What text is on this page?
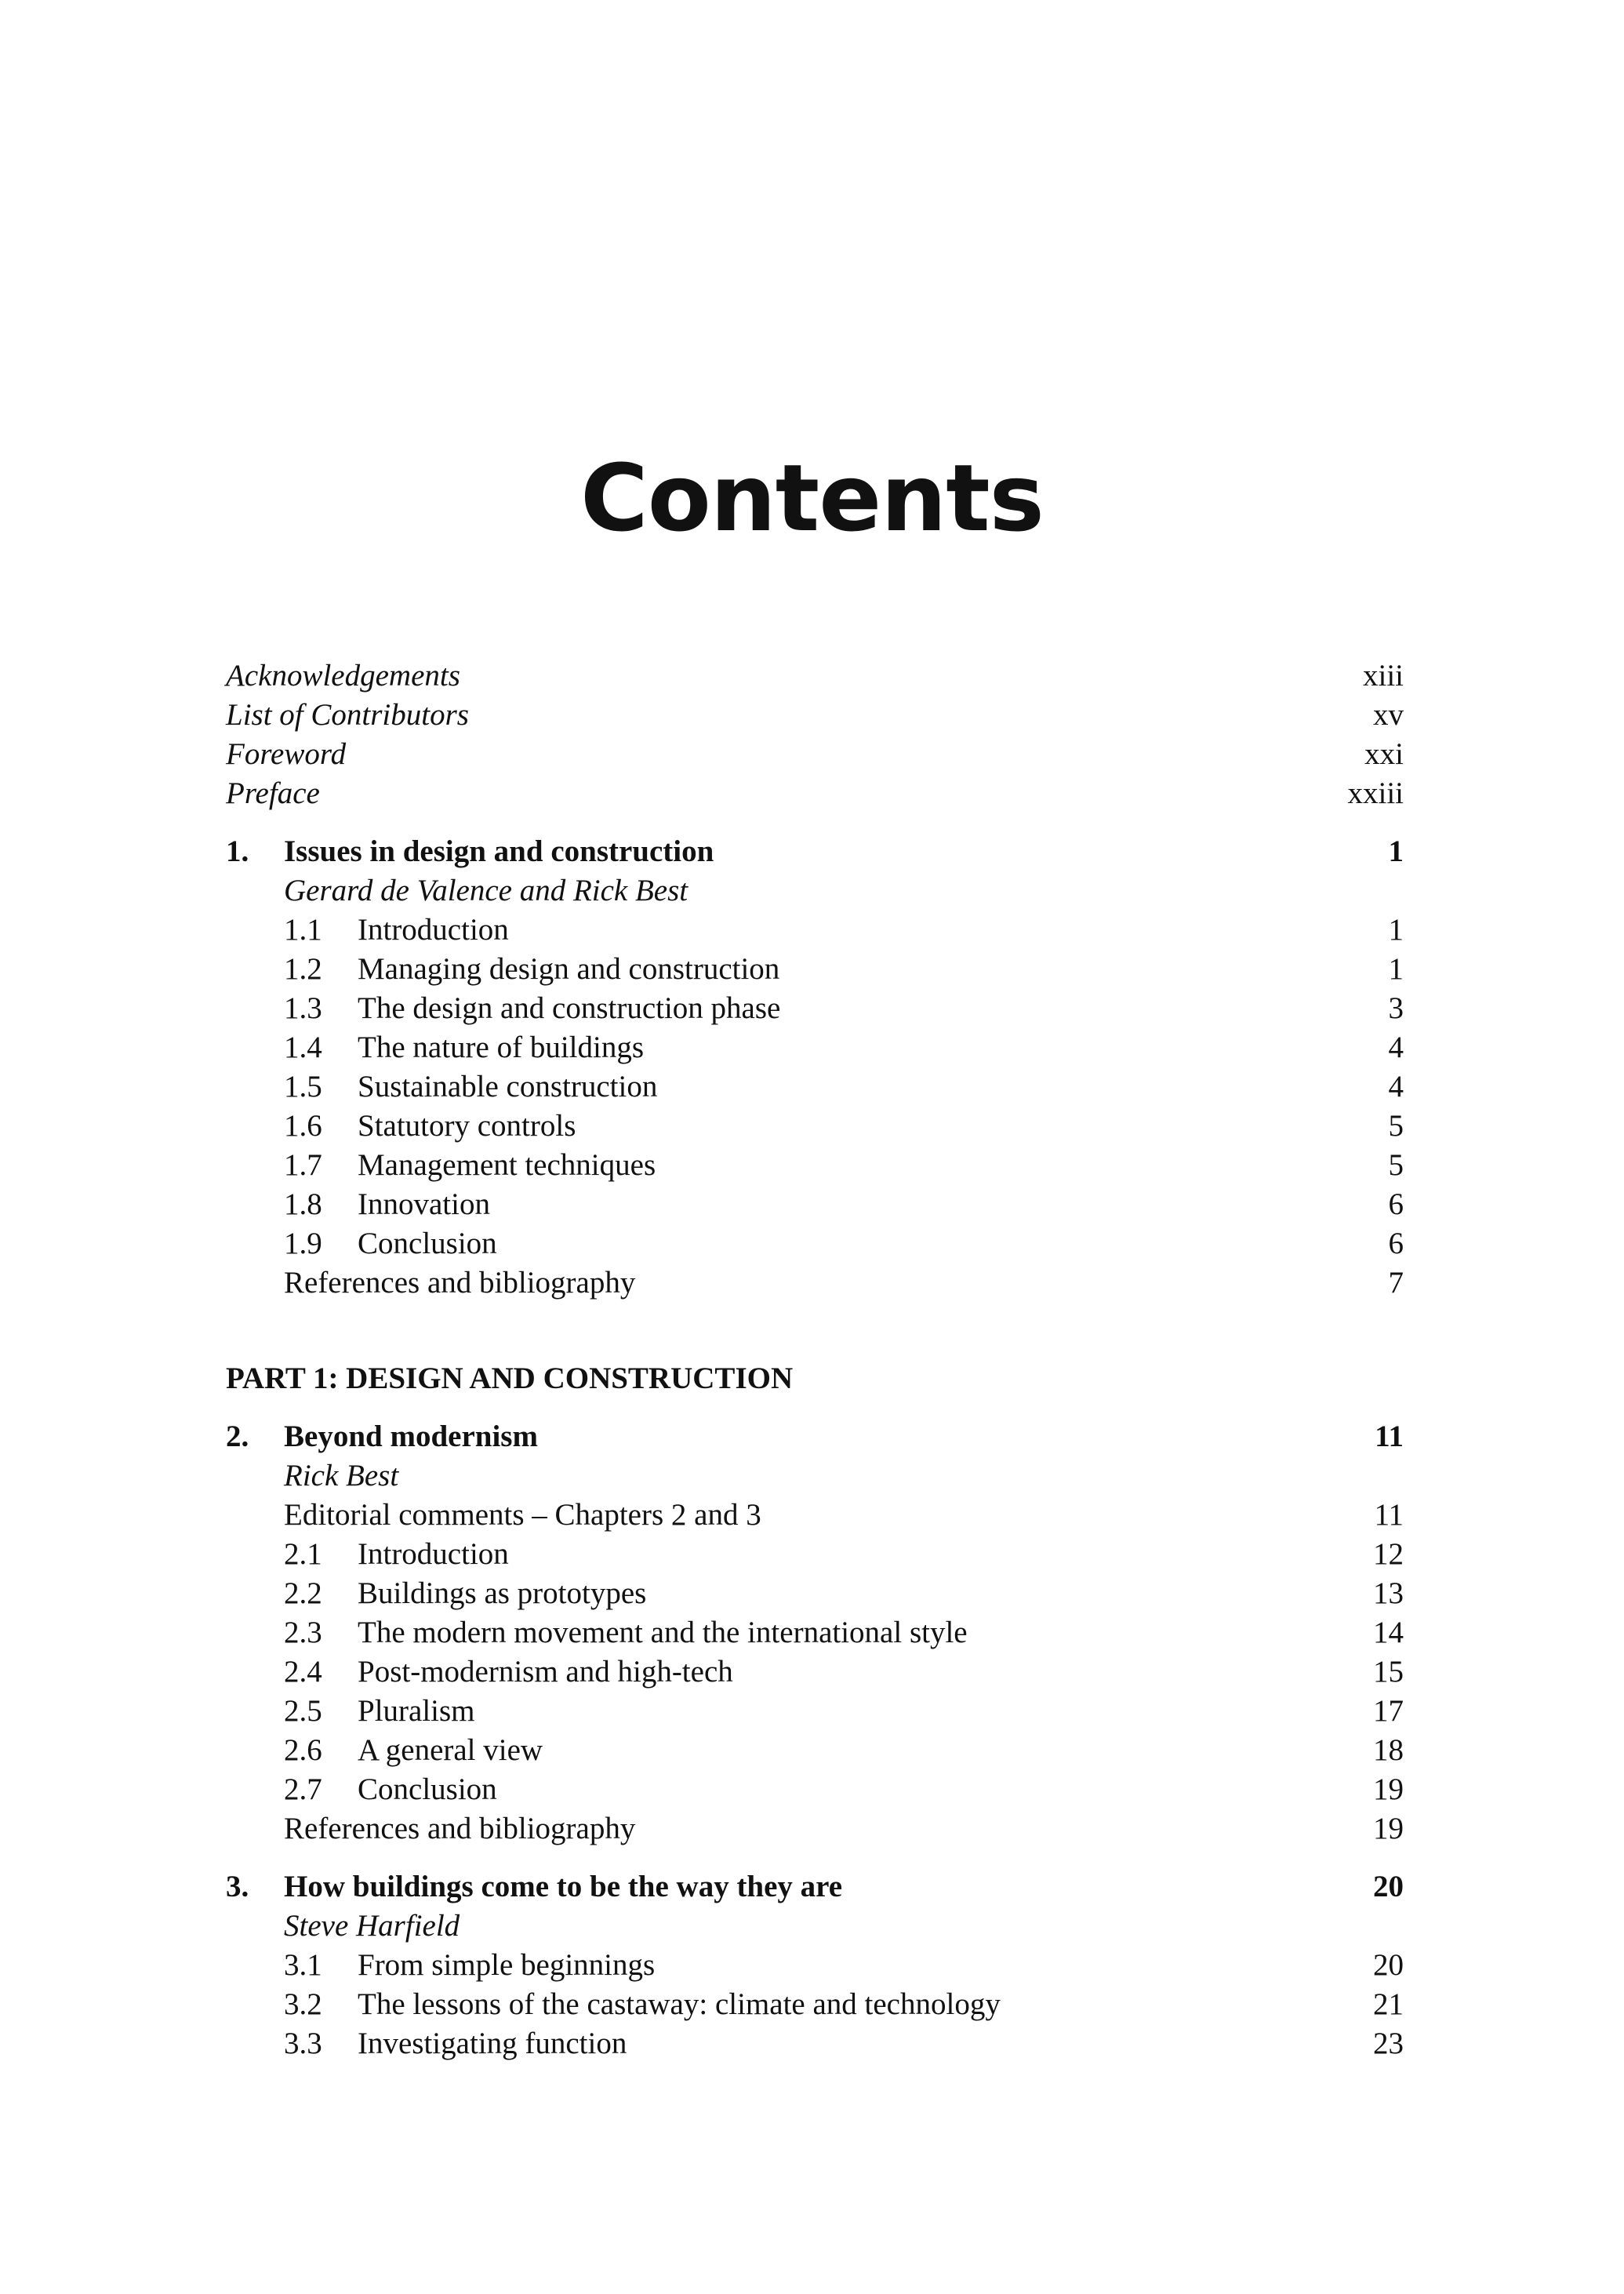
Contents
Acknowledgements	xiii
List of Contributors	xv
Foreword	xxi
Preface	xxiii
1. Issues in design and construction	1
Gerard de Valence and Rick Best
1.1 Introduction	1
1.2 Managing design and construction	1
1.3 The design and construction phase	3
1.4 The nature of buildings	4
1.5 Sustainable construction	4
1.6 Statutory controls	5
1.7 Management techniques	5
1.8 Innovation	6
1.9 Conclusion	6
References and bibliography	7
PART 1: DESIGN AND CONSTRUCTION
2. Beyond modernism	11
Rick Best
Editorial comments – Chapters 2 and 3	11
2.1 Introduction	12
2.2 Buildings as prototypes	13
2.3 The modern movement and the international style	14
2.4 Post-modernism and high-tech	15
2.5 Pluralism	17
2.6 A general view	18
2.7 Conclusion	19
References and bibliography	19
3. How buildings come to be the way they are	20
Steve Harfield
3.1 From simple beginnings	20
3.2 The lessons of the castaway: climate and technology	21
3.3 Investigating function	23
